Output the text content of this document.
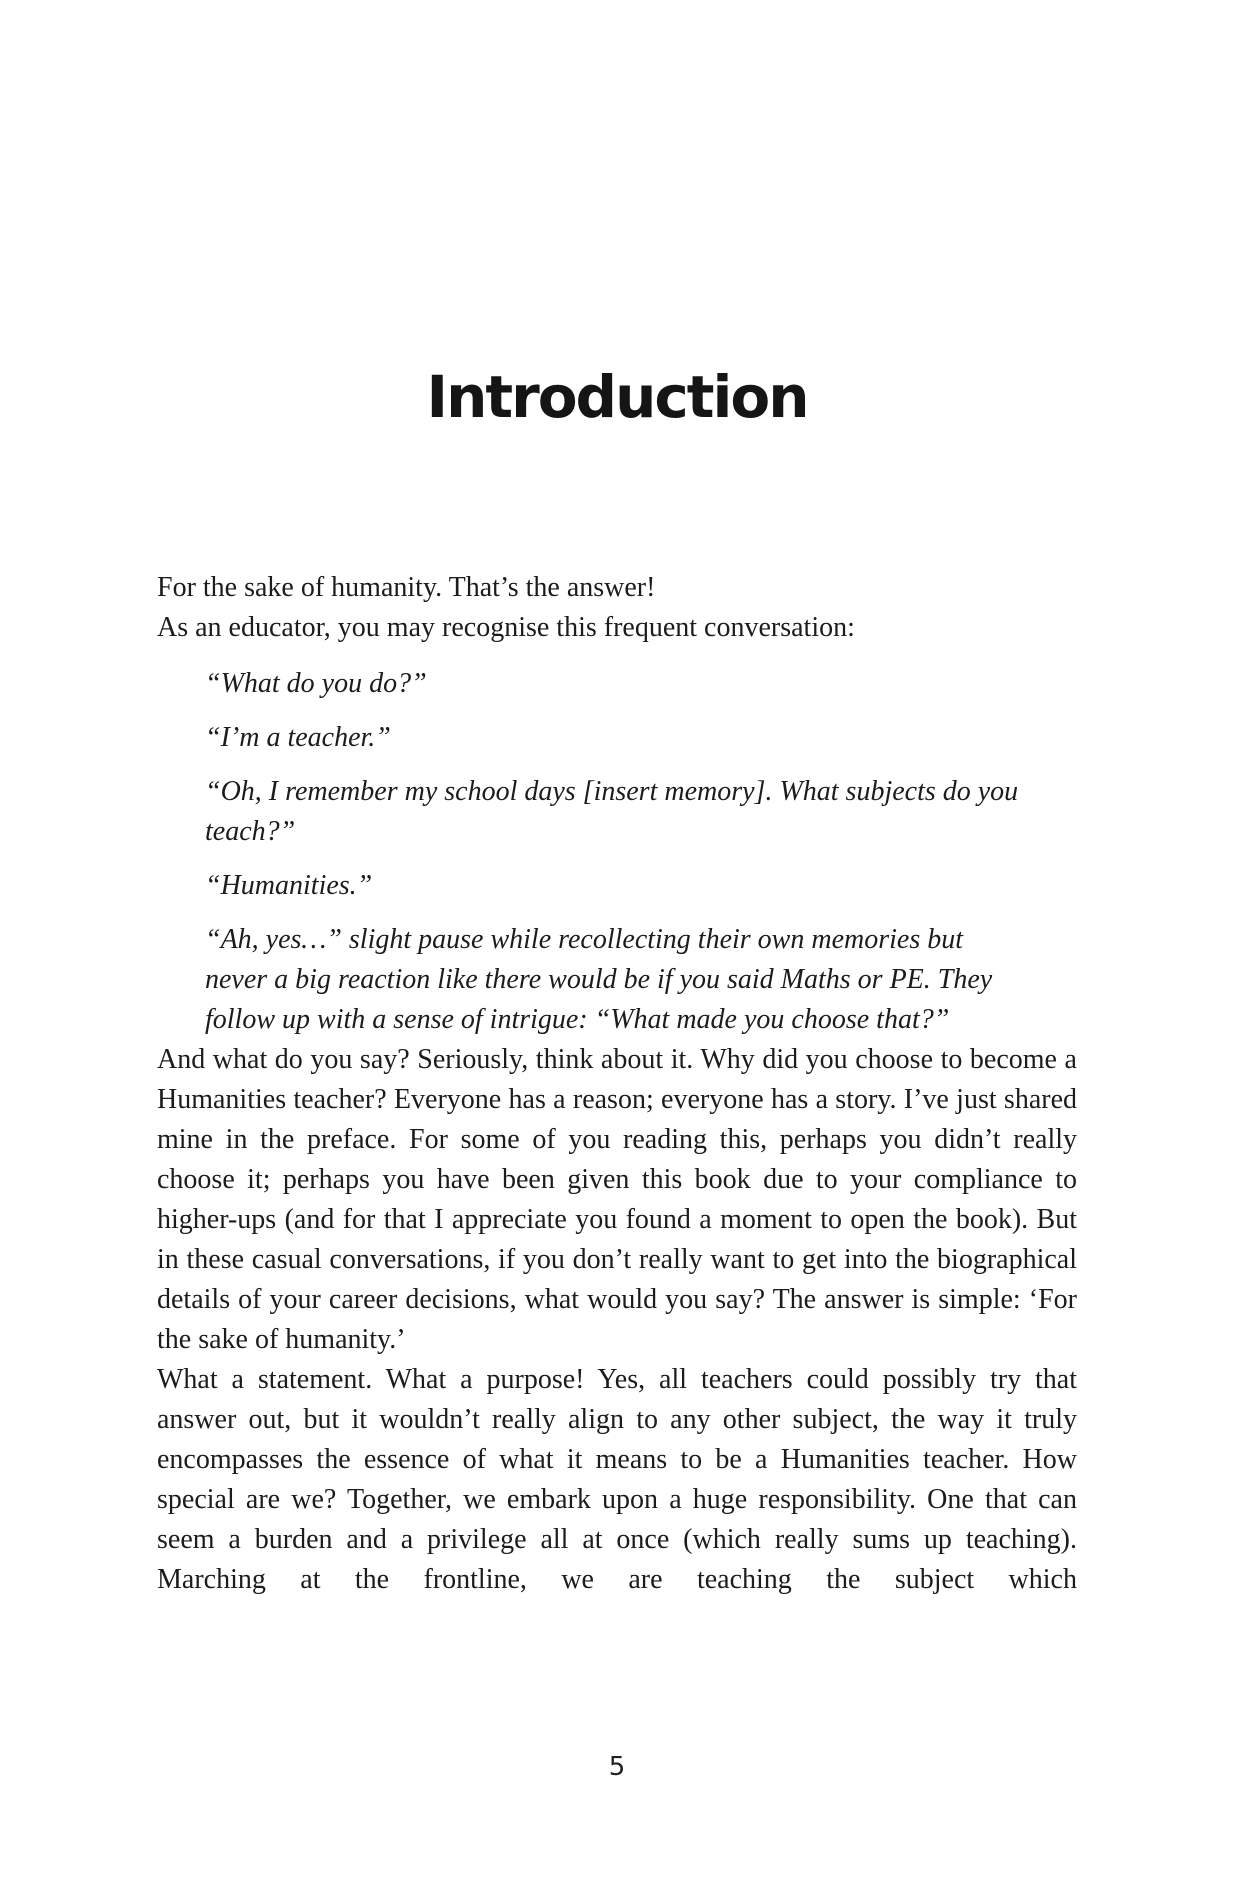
Introduction

For the sake of humanity. That’s the answer!

As an educator, you may recognise this frequent conversation:

“What do you do?”

“I’m a teacher.”

“Oh, I remember my school days [insert memory]. What subjects do you teach?”

“Humanities.”

“Ah, yes…” slight pause while recollecting their own memories but never a big reaction like there would be if you said Maths or PE. They follow up with a sense of intrigue: “What made you choose that?”

And what do you say? Seriously, think about it. Why did you choose to become a Humanities teacher? Everyone has a reason; everyone has a story. I’ve just shared mine in the preface. For some of you reading this, perhaps you didn’t really choose it; perhaps you have been given this book due to your compliance to higher-ups (and for that I appreciate you found a moment to open the book). But in these casual conversations, if you don’t really want to get into the biographical details of your career decisions, what would you say? The answer is simple: ‘For the sake of humanity.’

What a statement. What a purpose! Yes, all teachers could possibly try that answer out, but it wouldn’t really align to any other subject, the way it truly encompasses the essence of what it means to be a Humanities teacher. How special are we? Together, we embark upon a huge responsibility. One that can seem a burden and a privilege all at once (which really sums up teaching). Marching at the frontline, we are teaching the subject which

5
